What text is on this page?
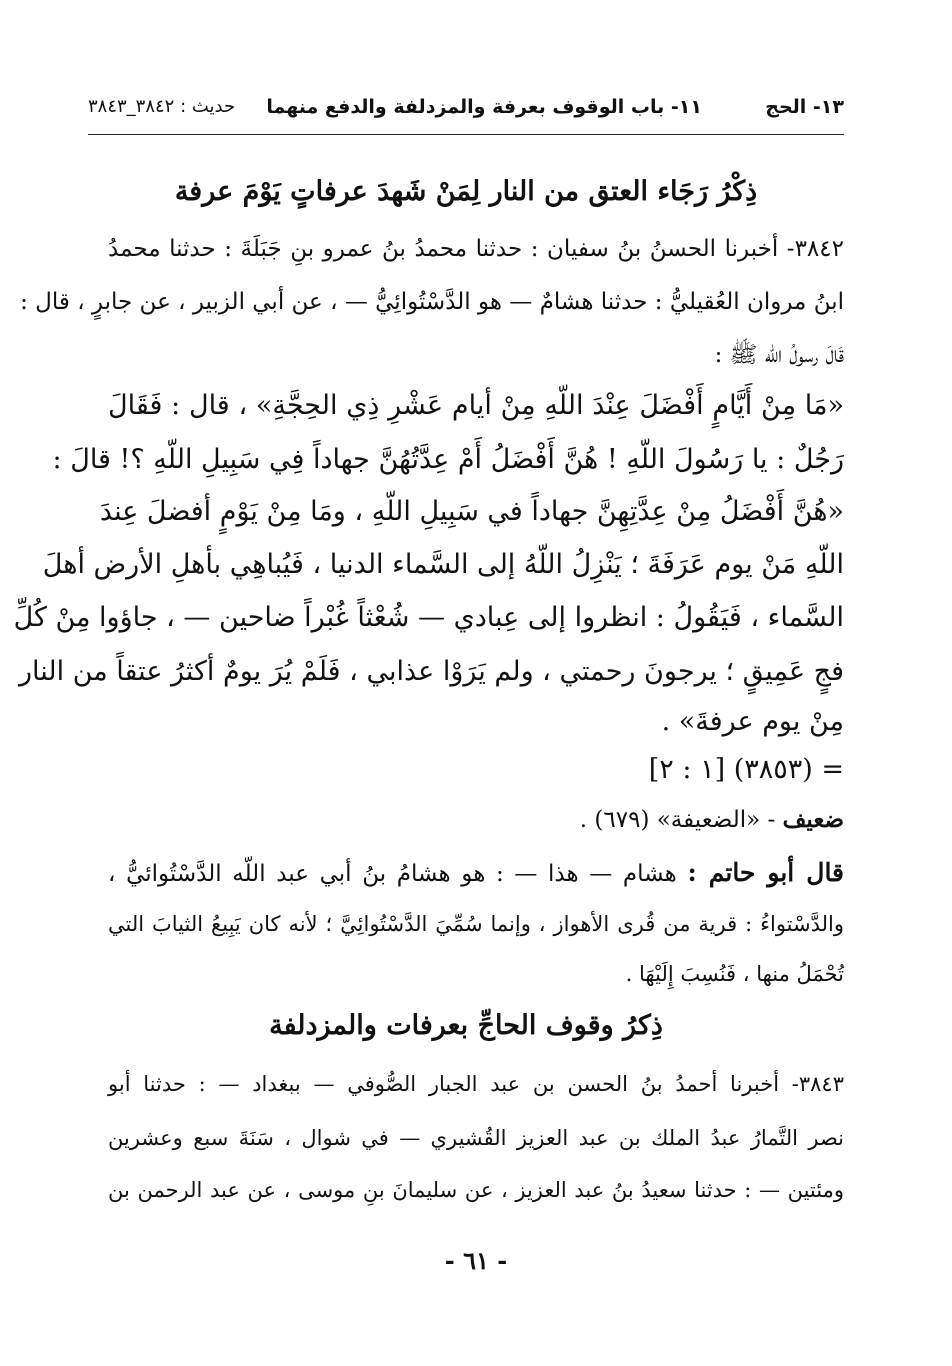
١٣- الحج
١١- باب الوقوف بعرفة والمزدلفة والدفع منهما
حديث : ٣٨٤٢_٣٨٤٣
ذِكْرُ رَجَاء العتق من النار لِمَنْ شَهدَ عرفاتٍ يَوْمَ عرفة
٣٨٤٢- أخبرنا الحسنُ بنُ سفيان : حدثنا محمدُ بنُ عمرو بنِ جَبَلَةَ : حدثنا محمدُ
ابنُ مروان العُقيليُّ : حدثنا هشامٌ — هو الدَّسْتُوائِيُّ — ، عن أبي الزبير ، عن جابرٍ ، قال :
قَالَ رسولُ اللّه ﷺ :
«مَا مِنْ أَيَّامٍ أَفْضَلَ عِنْدَ اللّهِ مِنْ أيام عَشْرِ ذِي الحِجَّةِ» ، قال : فَقَالَ
رَجُلٌ : يا رَسُولَ اللّهِ ! هُنَّ أَفْضَلُ أَمْ عِدَّتُهُنَّ جهاداً فِي سَبِيلِ اللّهِ ؟! قالَ :
«هُنَّ أَفْضَلُ مِنْ عِدَّتِهِنَّ جهاداً في سَبِيلِ اللّهِ ، ومَا مِنْ يَوْمٍ أفضلَ عِندَ
اللّهِ مَنْ يوم عَرَفَةَ ؛ يَنْزِلُ اللّهُ إلى السَّماء الدنيا ، فَيُباهِي بأهلِ الأرض أهلَ
السَّماء ، فَيَقُولُ : انظروا إلى عِبادي — شُعْثاً غُبْراً ضاحين — ، جاؤوا مِنْ كُلِّ
فجٍ عَمِيقٍ ؛ يرجونَ رحمتي ، ولم يَرَوْا عذابي ، فَلَمْ يُرَ يومٌ أكثرُ عتقاً من النار
مِنْ يوم عرفةَ» .
= (٣٨٥٣) [١ : ٢]
ضعيف - «الضعيفة» (٦٧٩) .
قال أبو حاتم : هشام — هذا — : هو هشامُ بنُ أبي عبد اللّه الدَّسْتُوائيُّ ،
والدَّسْتواءُ : قرية من قُرى الأهواز ، وإنما سُمِّيَ الدَّسْتُوائِيَّ ؛ لأنه كان يَبِيعُ الثيابَ التي
تُحْمَلُ منها ، فَنُسِبَ إِلَيْهَا .
ذِكرُ وقوف الحاجِّ بعرفات والمزدلفة
٣٨٤٣- أخبرنا أحمدُ بنُ الحسن بن عبد الجبار الصُّوفي — ببغداد — : حدثنا أبو
نصر التَّمارُ عبدُ الملك بن عبد العزيز القُشيري — في شوال ، سَنَةَ سبع وعشرين
ومئتين — : حدثنا سعيدُ بنُ عبد العزيز ، عن سليمانَ بنِ موسى ، عن عبد الرحمن بن
- ٦١ -
